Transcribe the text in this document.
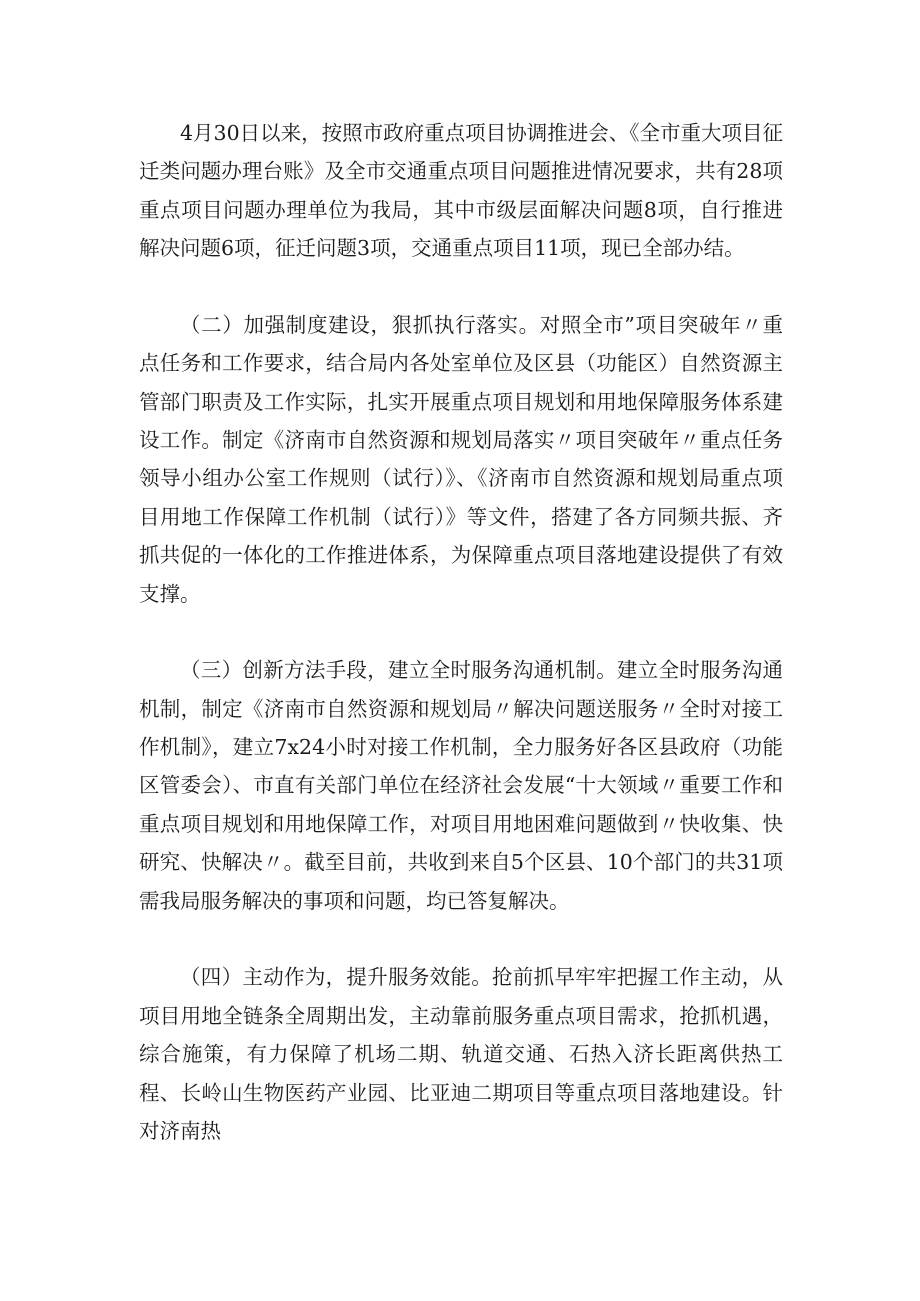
4月30日以来，按照市政府重点项目协调推进会、《全市重大项目征迁类问题办理台账》及全市交通重点项目问题推进情况要求，共有28项重点项目问题办理单位为我局，其中市级层面解决问题8项，自行推进解决问题6项，征迁问题3项，交通重点项目11项，现已全部办结。

（二）加强制度建设，狠抓执行落实。对照全市”项目突破年〃重点任务和工作要求，结合局内各处室单位及区县（功能区）自然资源主管部门职责及工作实际，扎实开展重点项目规划和用地保障服务体系建设工作。制定《济南市自然资源和规划局落实〃项目突破年〃重点任务领导小组办公室工作规则（试行）》、《济南市自然资源和规划局重点项目用地工作保障工作机制（试行）》等文件，搭建了各方同频共振、齐抓共促的一体化的工作推进体系，为保障重点项目落地建设提供了有效支撑。

（三）创新方法手段，建立全时服务沟通机制。建立全时服务沟通机制，制定《济南市自然资源和规划局〃解决问题送服务〃全时对接工作机制》，建立7x24小时对接工作机制，全力服务好各区县政府（功能区管委会）、市直有关部门单位在经济社会发展“十大领域〃重要工作和重点项目规划和用地保障工作，对项目用地困难问题做到〃快收集、快研究、快解决〃。截至目前，共收到来自5个区县、10个部门的共31项需我局服务解决的事项和问题，均已答复解决。

（四）主动作为，提升服务效能。抢前抓早牢牢把握工作主动，从项目用地全链条全周期出发，主动靠前服务重点项目需求，抢抓机遇，综合施策，有力保障了机场二期、轨道交通、石热入济长距离供热工程、长岭山生物医药产业园、比亚迪二期项目等重点项目落地建设。针对济南热
